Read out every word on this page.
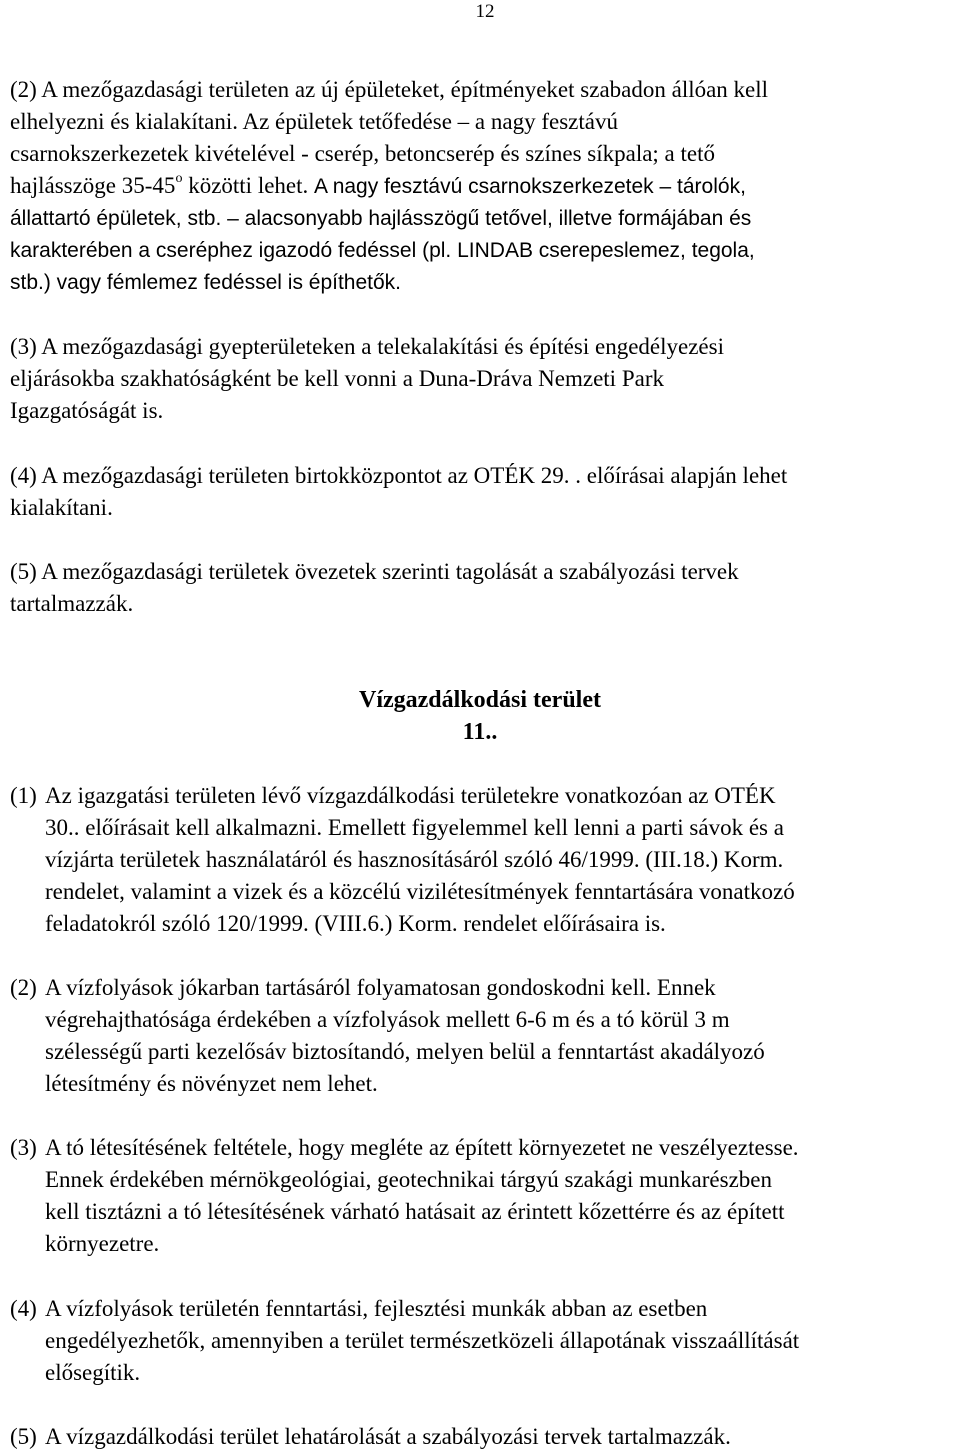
12
(2) A mezőgazdasági területen az új épületeket, építményeket szabadon állóan kell
elhelyezni és kialakítani. Az épületek tetőfedése – a nagy fesztávú
csarnokszerkezetek kivételével - cserép, betoncserép és színes síkpala; a tető
hajlásszöge 35-45$^o$ közötti lehet. A nagy fesztávú csarnokszerkezetek – tárolók,
állattartó épületek, stb. – alacsonyabb hajlásszögű tetővel, illetve formájában és
karakterében a cseréphez igazodó fedéssel (pl. LINDAB cserepeslemez, tegola,
stb.) vagy fémlemez fedéssel is építhetők.
(3) A mezőgazdasági gyepterületeken a telekalakítási és építési engedélyezési
eljárásokba szakhatóságként be kell vonni a Duna-Dráva Nemzeti Park
Igazgatóságát is.
(4) A mezőgazdasági területen birtokközpontot az OTÉK 29. . előírásai alapján lehet
kialakítani.
(5) A mezőgazdasági területek övezetek szerinti tagolását a szabályozási tervek
tartalmazzák.
Vízgazdálkodási terület
11..
(1) Az igazgatási területen lévő vízgazdálkodási területekre vonatkozóan az OTÉK
30.. előírásait kell alkalmazni. Emellett figyelemmel kell lenni a parti sávok és a
vízjárta területek használatáról és hasznosításáról szóló 46/1999. (III.18.) Korm.
rendelet, valamint a vizek és a közcélú vizilétesítmények fenntartására vonatkozó
feladatokról szóló 120/1999. (VIII.6.) Korm. rendelet előírásaira is.
(2) A vízfolyások jókarban tartásáról folyamatosan gondoskodni kell. Ennek
végrehajthatósága érdekében a vízfolyások mellett 6-6 m és a tó körül 3 m
szélességű parti kezelősáv biztosítandó, melyen belül a fenntartást akadályozó
létesítmény és növényzet nem lehet.
(3) A tó létesítésének feltétele, hogy megléte az épített környezetet ne veszélyeztesse.
Ennek érdekében mérnökgeológiai, geotechnikai tárgyú szakági munkarészben
kell tisztázni a tó létesítésének várható hatásait az érintett kőzettérre és az épített
környezetre.
(4) A vízfolyások területén fenntartási, fejlesztési munkák abban az esetben
engedélyezhetők, amennyiben a terület természetközeli állapotának visszaállítását
elősegítik.
(5) A vízgazdálkodási terület lehatárolását a szabályozási tervek tartalmazzák.
